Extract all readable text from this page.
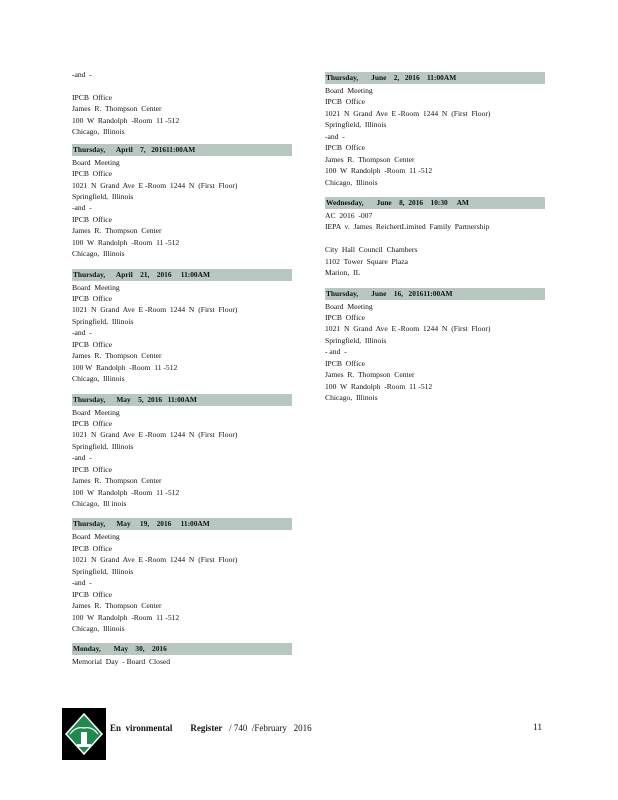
-and  -
IPCB  Office
James  R.  Thompson  Center
100  W  Randolph  -Room  11 -512
Chicago,  Illinois
Thursday,      April    7,   201611:00AM
Board  Meeting
IPCB  Office
1021  N  Grand  Ave  E -Room  1244  N  (First  Floor)
Springfield,  Illinois
-and  -
IPCB  Office
James  R.  Thompson  Center
100  W  Randolph  -Room  11 -512
Chicago,  Illinois
Thursday,      April    21,    2016     11:00AM
Board  Meeting
IPCB  Office
1021  N  Grand  Ave  E -Room  1244  N  (First  Floor)
Springfield,  Illinois
-and  -
IPCB  Office
James  R.  Thompson  Center
100 W  Randolph  -Room  11 -512
Chicago,  Illinois
Thursday,      May    5,  2016   11:00AM
Board  Meeting
IPCB  Office
1021  N  Grand  Ave  E -Room  1244  N  (First  Floor)
Springfield,  Illinois
-and  -
IPCB  Office
James  R.  Thompson  Center
100  W  Randolph  -Room  11 -512
Chicago,  Ill inois
Thursday,      May     19,    2016     11:00AM
Board  Meeting
IPCB  Office
1021  N  Grand  Ave  E -Room  1244  N  (First  Floor)
Springfield,  Illinois
-and  -
IPCB  Office
James  R.  Thompson  Center
100  W  Randolph  -Room  11 -512
Chicago,  Illinois
Monday,       May    30,    2016
Memorial  Day  - Board  Closed
Thursday,       June    2,   2016    11:00AM
Board  Meeting
IPCB  Office
1021  N  Grand  Ave  E -Room  1244  N  (First  Floor)
Springfield,  Illinois
-and  -
IPCB  Office
James  R.  Thompson  Center
100  W  Randolph  -Room  11 -512
Chicago,  Illinois
Wednesday,       June    8,  2016    10:30     AM
AC  2016  -007
IEPA  v.  James  ReichertLimited  Family  Partnership
City  Hall  Council  Chambers
1102  Tower  Square  Plaza
Marion,  IL
Thursday,       June    16,   201611:00AM
Board  Meeting
IPCB  Office
1021  N  Grand  Ave  E -Room  1244  N  (First  Floor)
Springfield,  Illinois
- and  -
IPCB  Office
James  R.  Thompson  Center
100  W  Randolph  -Room  11 -512
Chicago,  Illinois
En  vironmental Register / 740  /February   2016	11
